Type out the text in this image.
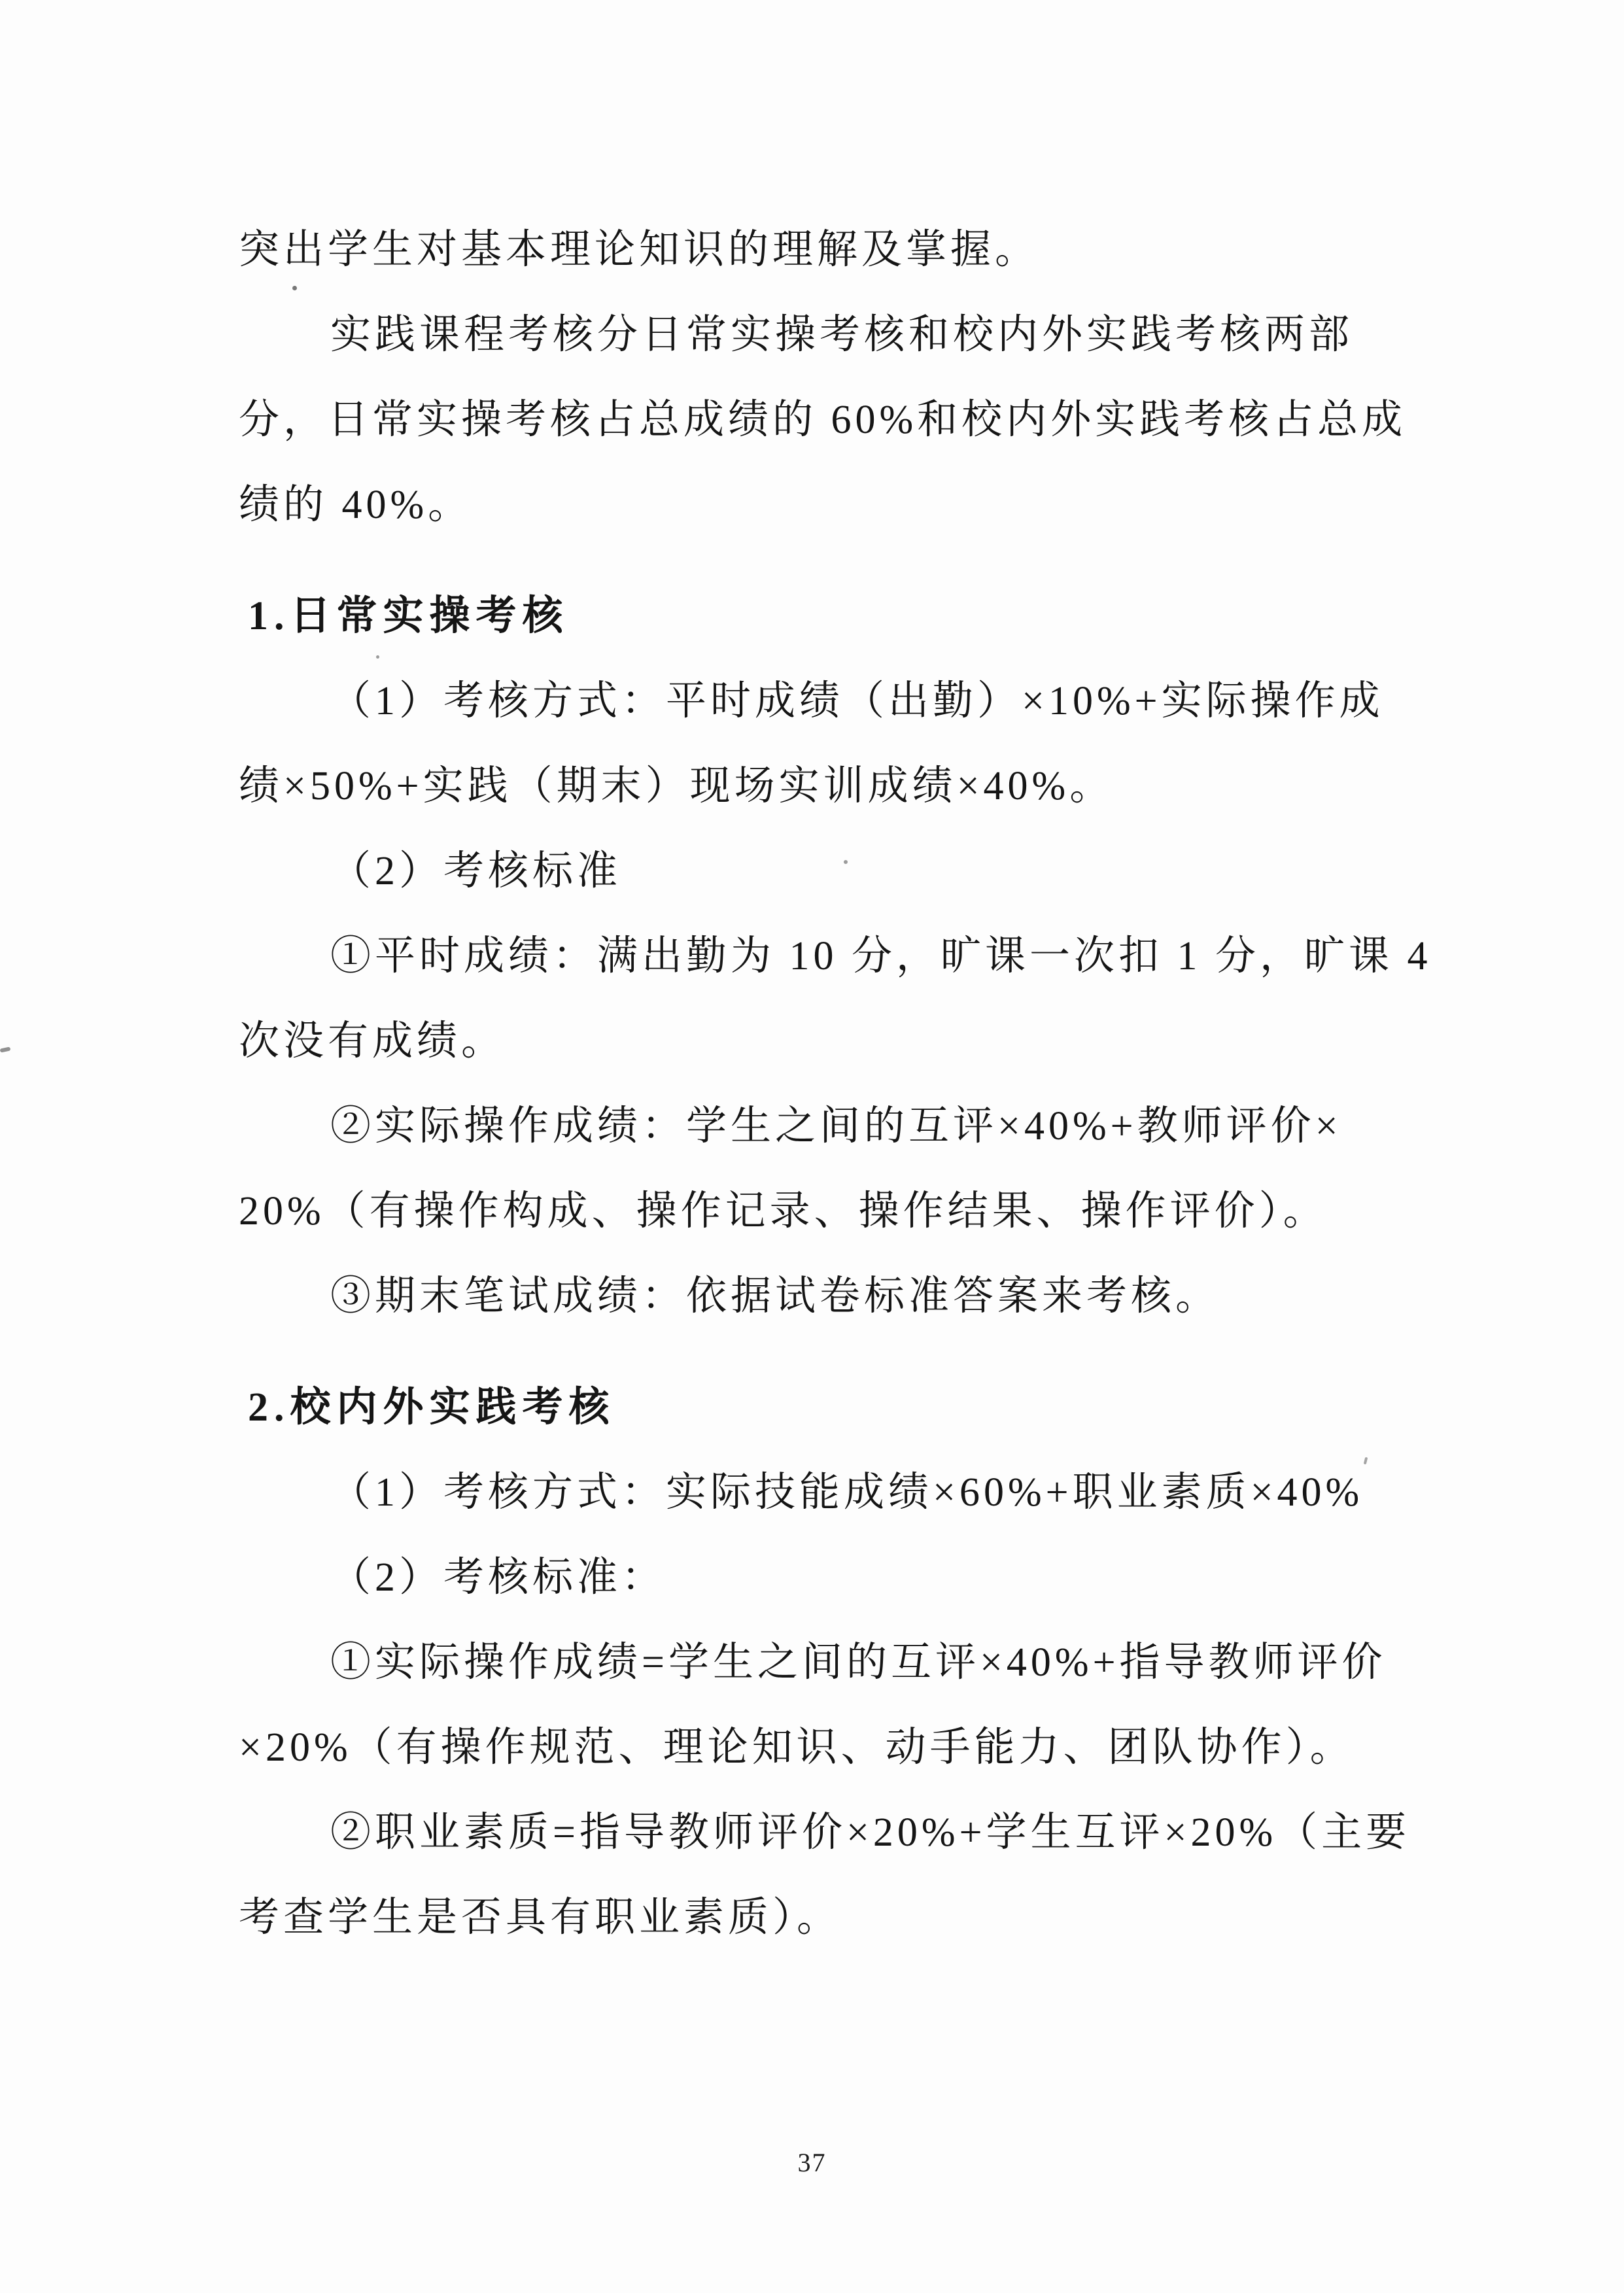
突出学生对基本理论知识的理解及掌握。
实践课程考核分日常实操考核和校内外实践考核两部
分，日常实操考核占总成绩的 60%和校内外实践考核占总成
绩的 40%。
1.日常实操考核
（1）考核方式：平时成绩（出勤）×10%+实际操作成
绩×50%+实践（期末）现场实训成绩×40%。
（2）考核标准
①平时成绩：满出勤为 10 分，旷课一次扣 1 分，旷课 4
次没有成绩。
②实际操作成绩：学生之间的互评×40%+教师评价×
20%（有操作构成、操作记录、操作结果、操作评价）。
③期末笔试成绩：依据试卷标准答案来考核。
2.校内外实践考核
（1）考核方式：实际技能成绩×60%+职业素质×40%
（2）考核标准：
①实际操作成绩=学生之间的互评×40%+指导教师评价
×20%（有操作规范、理论知识、动手能力、团队协作）。
②职业素质=指导教师评价×20%+学生互评×20%（主要
考查学生是否具有职业素质）。
37
